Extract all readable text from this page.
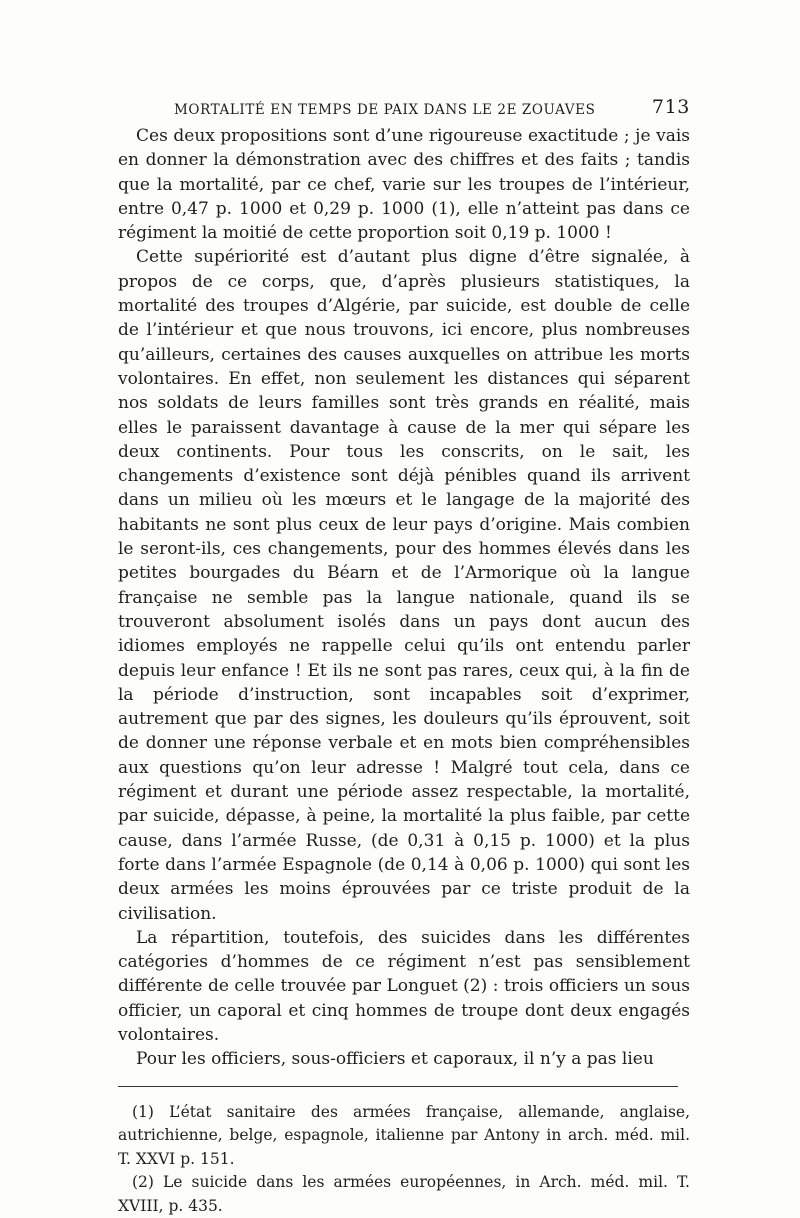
MORTALITÉ EN TEMPS DE PAIX DANS LE 2E ZOUAVES	713

Ces deux propositions sont d’une rigoureuse exactitude ; je vais en donner la démonstration avec des chiffres et des faits ; tandis que la mortalité, par ce chef, varie sur les troupes de l’intérieur, entre 0,47 p. 1000 et 0,29 p. 1000 (1), elle n’atteint pas dans ce régiment la moitié de cette proportion soit 0,19 p. 1000 !

Cette supériorité est d’autant plus digne d’être signalée, à propos de ce corps, que, d’après plusieurs statistiques, la mortalité des troupes d’Algérie, par suicide, est double de celle de l’intérieur et que nous trouvons, ici encore, plus nombreuses qu’ailleurs, certaines des causes auxquelles on attribue les morts volontaires. En effet, non seulement les distances qui séparent nos soldats de leurs familles sont très grands en réalité, mais elles le paraissent davantage à cause de la mer qui sépare les deux continents. Pour tous les conscrits, on le sait, les changements d’existence sont déjà pénibles quand ils arrivent dans un milieu où les mœurs et le langage de la majorité des habitants ne sont plus ceux de leur pays d’origine. Mais combien le seront-ils, ces changements, pour des hommes élevés dans les petites bourgades du Béarn et de l’Armorique où la langue française ne semble pas la langue nationale, quand ils se trouveront absolument isolés dans un pays dont aucun des idiomes employés ne rappelle celui qu’ils ont entendu parler depuis leur enfance ! Et ils ne sont pas rares, ceux qui, à la fin de la période d’instruction, sont incapables soit d’exprimer, autrement que par des signes, les douleurs qu’ils éprouvent, soit de donner une réponse verbale et en mots bien compréhensibles aux questions qu’on leur adresse ! Malgré tout cela, dans ce régiment et durant une période assez respectable, la mortalité, par suicide, dépasse, à peine, la mortalité la plus faible, par cette cause, dans l’armée Russe, (de 0,31 à 0,15 p. 1000) et la plus forte dans l’armée Espagnole (de 0,14 à 0,06 p. 1000) qui sont les deux armées les moins éprouvées par ce triste produit de la civilisation.

La répartition, toutefois, des suicides dans les différentes catégories d’hommes de ce régiment n’est pas sensiblement différente de celle trouvée par Longuet (2) : trois officiers un sous officier, un caporal et cinq hommes de troupe dont deux engagés volontaires.

Pour les officiers, sous-officiers et caporaux, il n’y a pas lieu

(1) L’état sanitaire des armées française, allemande, anglaise, autrichienne, belge, espagnole, italienne par Antony in arch. méd. mil. T. XXVI p. 151.

(2) Le suicide dans les armées européennes, in Arch. méd. mil. T. XVIII, p. 435.
